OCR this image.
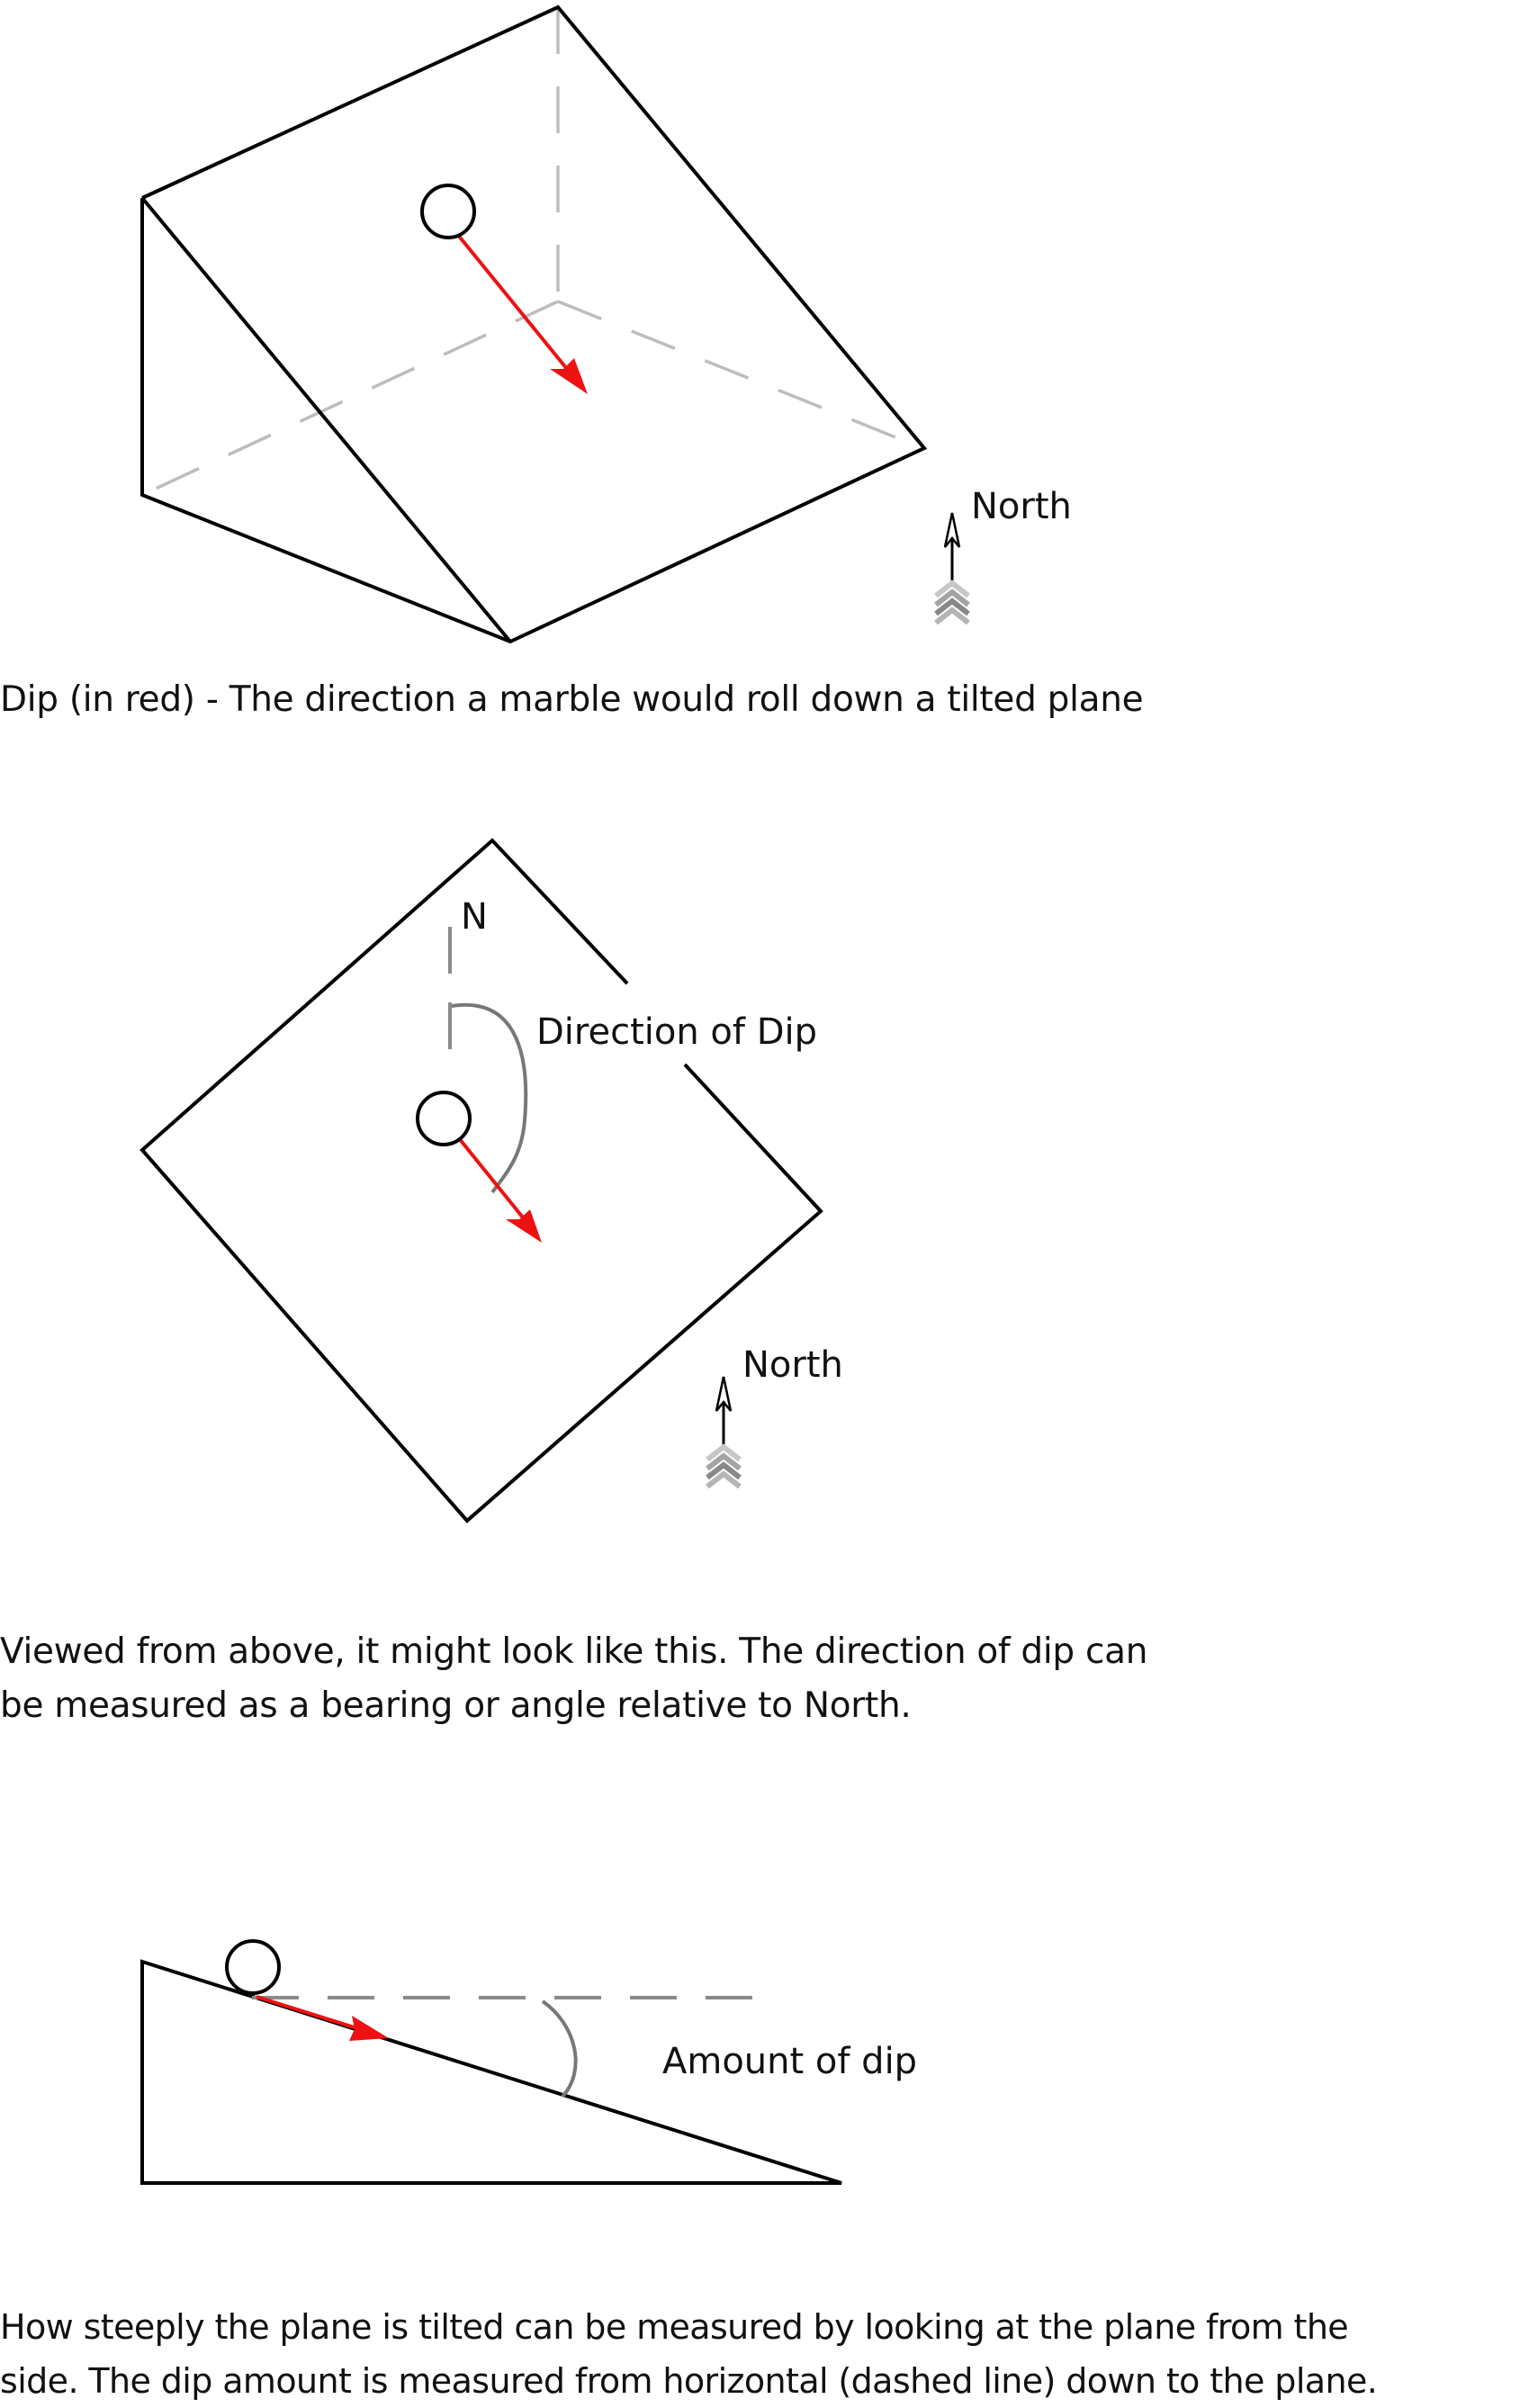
North
N
Direction of Dip
North
Amount of dip

Dip (in red) - The direction a marble would roll down a tilted plane

Viewed from above, it might look like this. The direction of dip can
be measured as a bearing or angle relative to North.
How steeply the plane is tilted can be measured by looking at the plane from the
side. The dip amount is measured from horizontal (dashed line) down to the plane.
